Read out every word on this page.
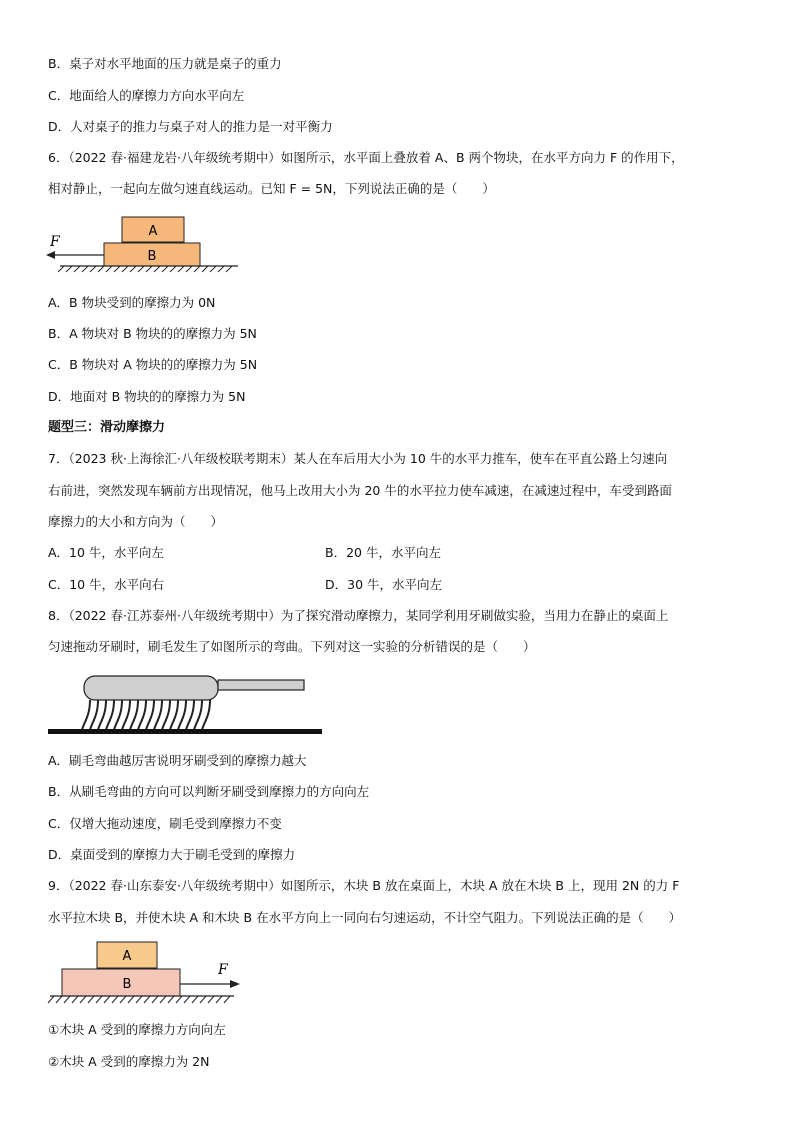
B．桌子对水平地面的压力就是桌子的重力
C．地面给人的摩擦力方向水平向左
D．人对桌子的推力与桌子对人的推力是一对平衡力
6．（2022 春·福建龙岩·八年级统考期中）如图所示，水平面上叠放着 A、B 两个物块，在水平方向力 F 的作用下，
相对静止，一起向左做匀速直线运动。已知 F = 5N，下列说法正确的是（　　）
A
B
F
A．B 物块受到的摩擦力为 0N
B．A 物块对 B 物块的的摩擦力为 5N
C．B 物块对 A 物块的的摩擦力为 5N
D．地面对 B 物块的的摩擦力为 5N
题型三：滑动摩擦力
7．（2023 秋·上海徐汇·八年级校联考期末）某人在车后用大小为 10 牛的水平力推车，使车在平直公路上匀速向
右前进，突然发现车辆前方出现情况，他马上改用大小为 20 牛的水平拉力使车减速，在减速过程中，车受到路面
摩擦力的大小和方向为（　　）
A．10 牛，水平向左	B．20 牛，水平向左
C．10 牛，水平向右	D．30 牛，水平向左
8．（2022 春·江苏泰州·八年级统考期中）为了探究滑动摩擦力，某同学利用牙刷做实验，当用力在静止的桌面上
匀速拖动牙刷时，刷毛发生了如图所示的弯曲。下列对这一实验的分析错误的是（　　）
A．刷毛弯曲越厉害说明牙刷受到的摩擦力越大
B．从刷毛弯曲的方向可以判断牙刷受到摩擦力的方向向左
C．仅增大拖动速度，刷毛受到摩擦力不变
D．桌面受到的摩擦力大于刷毛受到的摩擦力
9．（2022 春·山东泰安·八年级统考期中）如图所示，木块 B 放在桌面上，木块 A 放在木块 B 上，现用 2N 的力 F
水平拉木块 B，并使木块 A 和木块 B 在水平方向上一同向右匀速运动，不计空气阻力。下列说法正确的是（　　）
A
B
F
①木块 A 受到的摩擦力方向向左
②木块 A 受到的摩擦力为 2N
